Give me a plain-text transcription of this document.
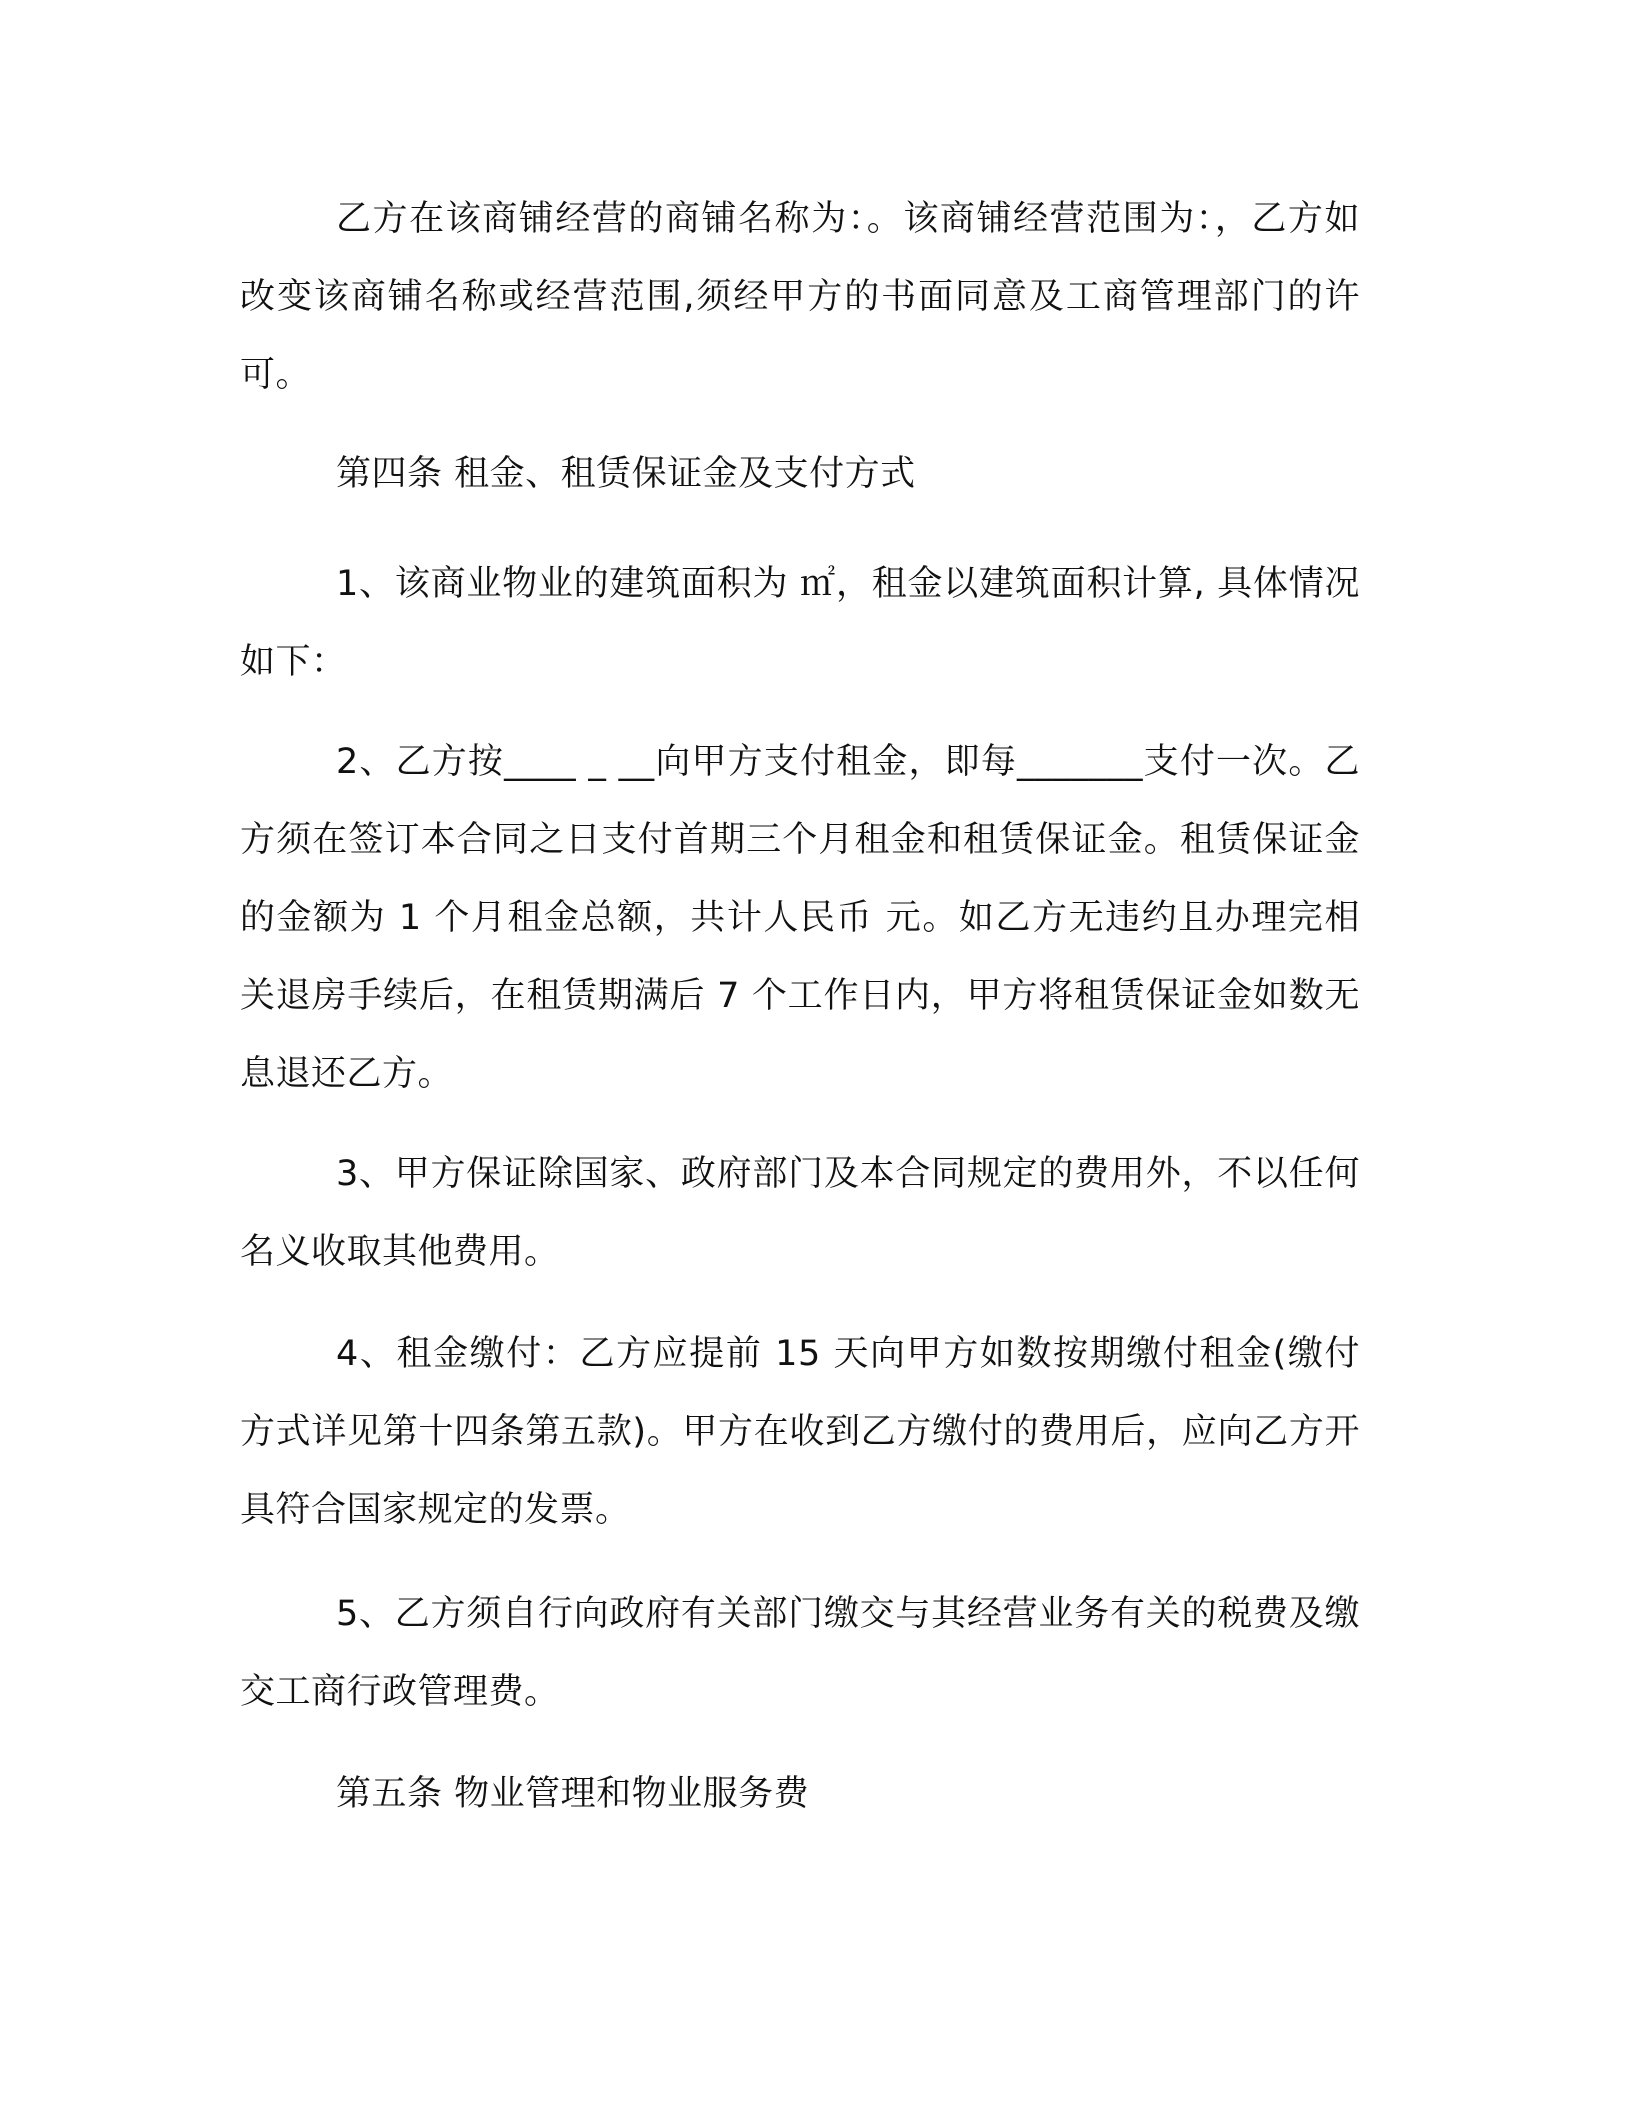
乙方在该商铺经营的商铺名称为：。该商铺经营范围为：，乙方如改变该商铺名称或经营范围,须经甲方的书面同意及工商管理部门的许可。

第四条 租金、租赁保证金及支付方式

1、该商业物业的建筑面积为 ㎡，租金以建筑面积计算, 具体情况如下：

2、乙方按____ _ __向甲方支付租金，即每_______支付一次。乙方须在签订本合同之日支付首期三个月租金和租赁保证金。租赁保证金的金额为 1 个月租金总额，共计人民币 元。如乙方无违约且办理完相关退房手续后，在租赁期满后 7 个工作日内，甲方将租赁保证金如数无息退还乙方。

3、甲方保证除国家、政府部门及本合同规定的费用外，不以任何名义收取其他费用。

4、租金缴付：乙方应提前 15 天向甲方如数按期缴付租金(缴付方式详见第十四条第五款)。甲方在收到乙方缴付的费用后，应向乙方开具符合国家规定的发票。

5、乙方须自行向政府有关部门缴交与其经营业务有关的税费及缴交工商行政管理费。

第五条 物业管理和物业服务费
